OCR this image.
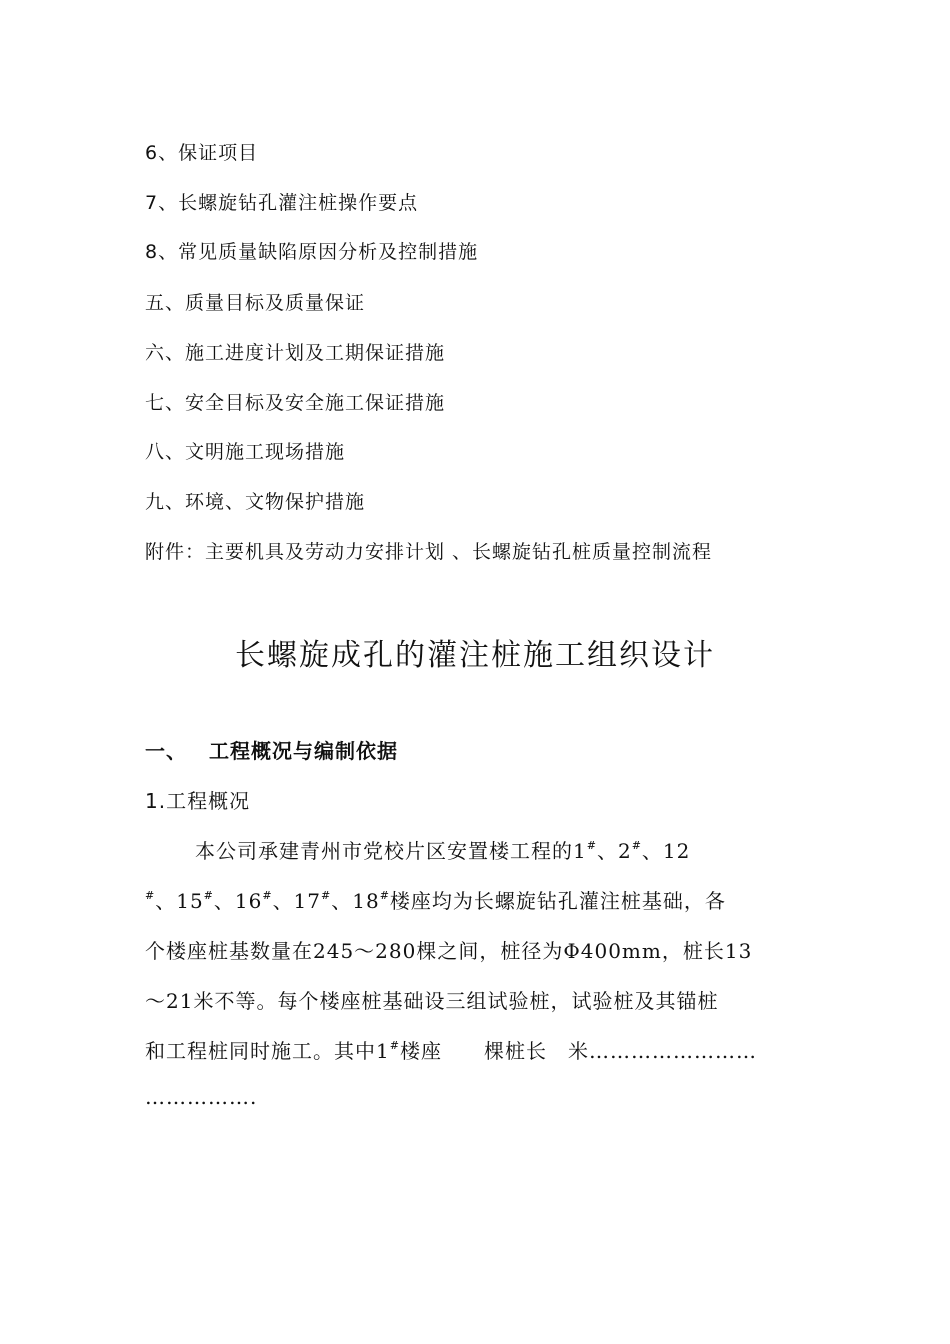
6、保证项目
7、长螺旋钻孔灌注桩操作要点
8、常见质量缺陷原因分析及控制措施
五、质量目标及质量保证
六、施工进度计划及工期保证措施
七、安全目标及安全施工保证措施
八、文明施工现场措施
九、环境、文物保护措施
附件：主要机具及劳动力安排计划 、长螺旋钻孔桩质量控制流程
长螺旋成孔的灌注桩施工组织设计
一、 工程概况与编制依据
1.工程概况
本公司承建青州市党校片区安置楼工程的1#、2#、12
#、15#、16#、17#、18#楼座均为长螺旋钻孔灌注桩基础，各
个楼座桩基数量在245～280棵之间，桩径为Φ400mm，桩长13
～21米不等。每个楼座桩基础设三组试验桩，试验桩及其锚桩
和工程桩同时施工。其中1#楼座　　棵桩长　米……………………
…………….
